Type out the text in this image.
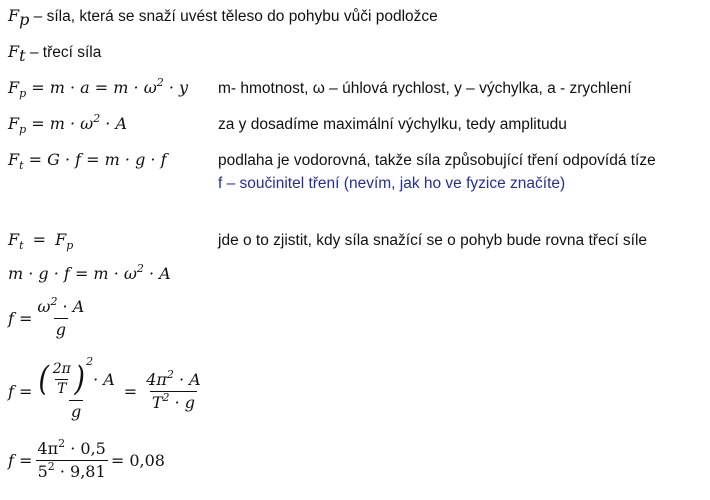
$F_p$ – síla, která se snaží uvést těleso do pohybu vůči podložce
$F_t$ – třecí síla
$F_p = m \cdot a = m \cdot \omega^2 \cdot y$ m- hmotnost, ω – úhlová rychlost, y – výchylka, a - zrychlení
$F_p = m \cdot \omega^2 \cdot A$	za y dosadíme maximální výchylku, tedy amplitudu
$F_t = G \cdot f = m \cdot g \cdot f$	podlaha je vodorovná, takže síla způsobující tření odpovídá tíze
f – součinitel tření (nevím, jak ho ve fyzice značíte)
$F_t = F_p$	jde o to zjistit, kdy síla snažící se o pohyb bude rovna třecí síle
$m \cdot g \cdot f = m \cdot \omega^2 \cdot A$
$f = \frac{\omega^2 \cdot A}{g}$
f = ( $\frac{2\pi}{T}$ ) 2
· A
$g = \frac{4\pi^2 \cdot A}{T^2 \cdot g}$
$f = \frac{4\pi^2 \cdot 0,5}{5^2 \cdot 9,81} = 0,08$
